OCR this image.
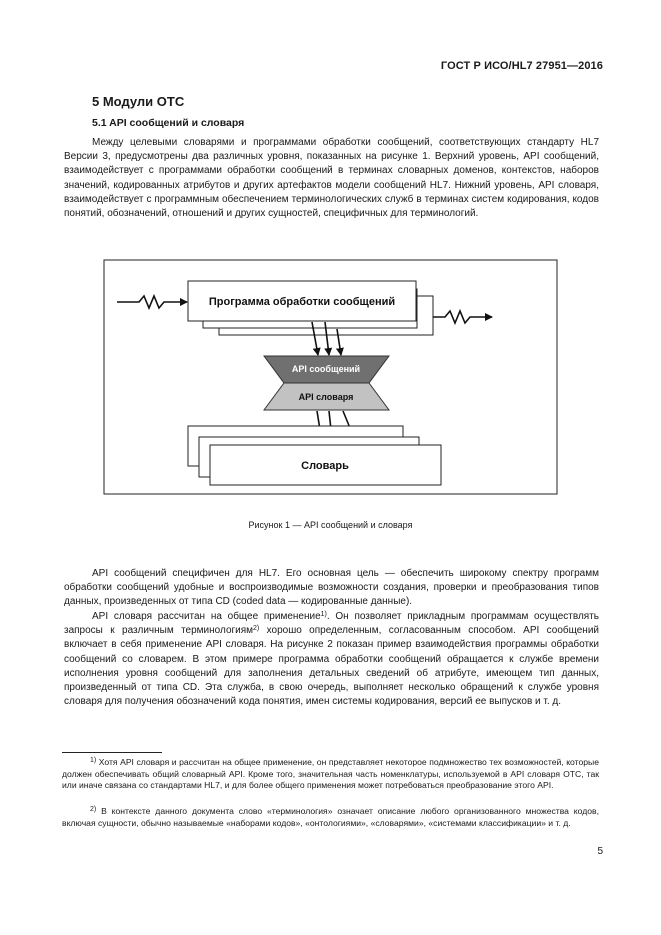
ГОСТ Р ИСО/HL7 27951—2016
5 Модули ОТС
5.1 API сообщений и словаря

Между целевыми словарями и программами обработки сообщений, соответствующих стандарту HL7 Версии 3, предусмотрены два различных уровня, показанных на рисунке 1. Верхний уровень, API сообщений, взаимодействует с программами обработки сообщений в терминах словарных доменов, контекстов, наборов значений, кодированных атрибутов и других артефактов модели сообщений HL7. Нижний уровень, API словаря, взаимодействует с программным обеспечением терминологических служб в терминах систем кодирования, кодов понятий, обозначений, отношений и других сущностей, специфичных для терминологий.

Программа обработки сообщений
API сообщений
API словаря
Словарь
Рисунок 1 — API сообщений и словаря

API сообщений специфичен для HL7. Его основная цель — обеспечить широкому спектру программ обработки сообщений удобные и воспроизводимые возможности создания, проверки и преобразования типов данных, произведенных от типа CD (coded data — кодированные данные).

API словаря рассчитан на общее применение$^{1)}$. Он позволяет прикладным программам осуществлять запросы к различным терминологиям$^{2)}$ хорошо определенным, согласованным способом. API сообщений включает в себя применение API словаря. На рисунке 2 показан пример взаимодействия программы обработки сообщений со словарем. В этом примере программа обработки сообщений обращается к службе времени исполнения уровня сообщений для заполнения детальных сведений об атрибуте, имеющем тип данных, произведенный от типа CD. Эта служба, в свою очередь, выполняет несколько обращений к службе уровня словаря для получения обозначений кода понятия, имен системы кодирования, версий ее выпусков и т. д.

$^{1)}$ Хотя API словаря и рассчитан на общее применение, он представляет некоторое подмножество тех возможностей, которые должен обеспечивать общий словарный API. Кроме того, значительная часть номенклатуры, используемой в API словаря ОТС, так или иначе связана со стандартами HL7, и для более общего применения может потребоваться преобразование этого API.

$^{2)}$ В контексте данного документа слово «терминология» означает описание любого организованного множества кодов, включая сущности, обычно называемые «наборами кодов», «онтологиями», «словарями», «системами классификации» и т. д.

5
